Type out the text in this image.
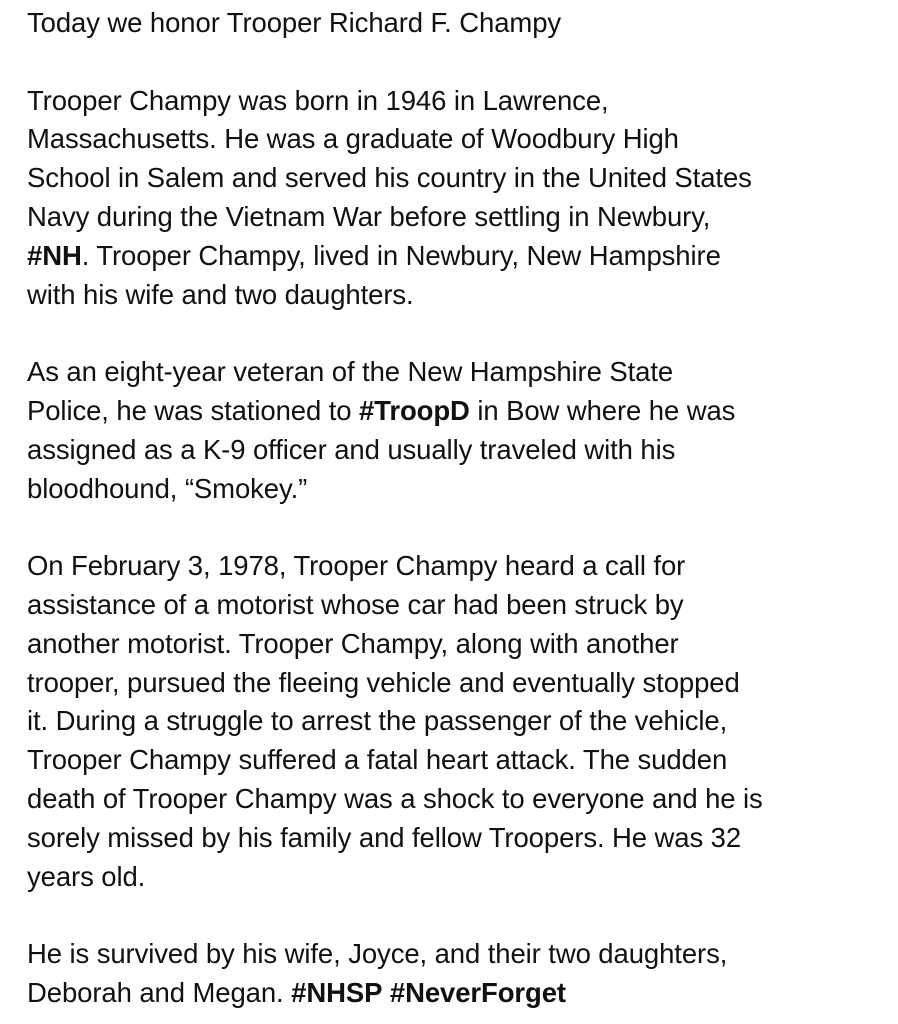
Today we honor Trooper Richard F. Champy
Trooper Champy was born in 1946 in Lawrence,
Massachusetts. He was a graduate of Woodbury High
School in Salem and served his country in the United States
Navy during the Vietnam War before settling in Newbury,
#NH. Trooper Champy, lived in Newbury, New Hampshire
with his wife and two daughters.
As an eight-year veteran of the New Hampshire State
Police, he was stationed to #TroopD in Bow where he was
assigned as a K-9 officer and usually traveled with his
bloodhound, “Smokey.”
On February 3, 1978, Trooper Champy heard a call for
assistance of a motorist whose car had been struck by
another motorist. Trooper Champy, along with another
trooper, pursued the fleeing vehicle and eventually stopped
it. During a struggle to arrest the passenger of the vehicle,
Trooper Champy suffered a fatal heart attack. The sudden
death of Trooper Champy was a shock to everyone and he is
sorely missed by his family and fellow Troopers. He was 32
years old.
He is survived by his wife, Joyce, and their two daughters,
Deborah and Megan. #NHSP #NeverForget
